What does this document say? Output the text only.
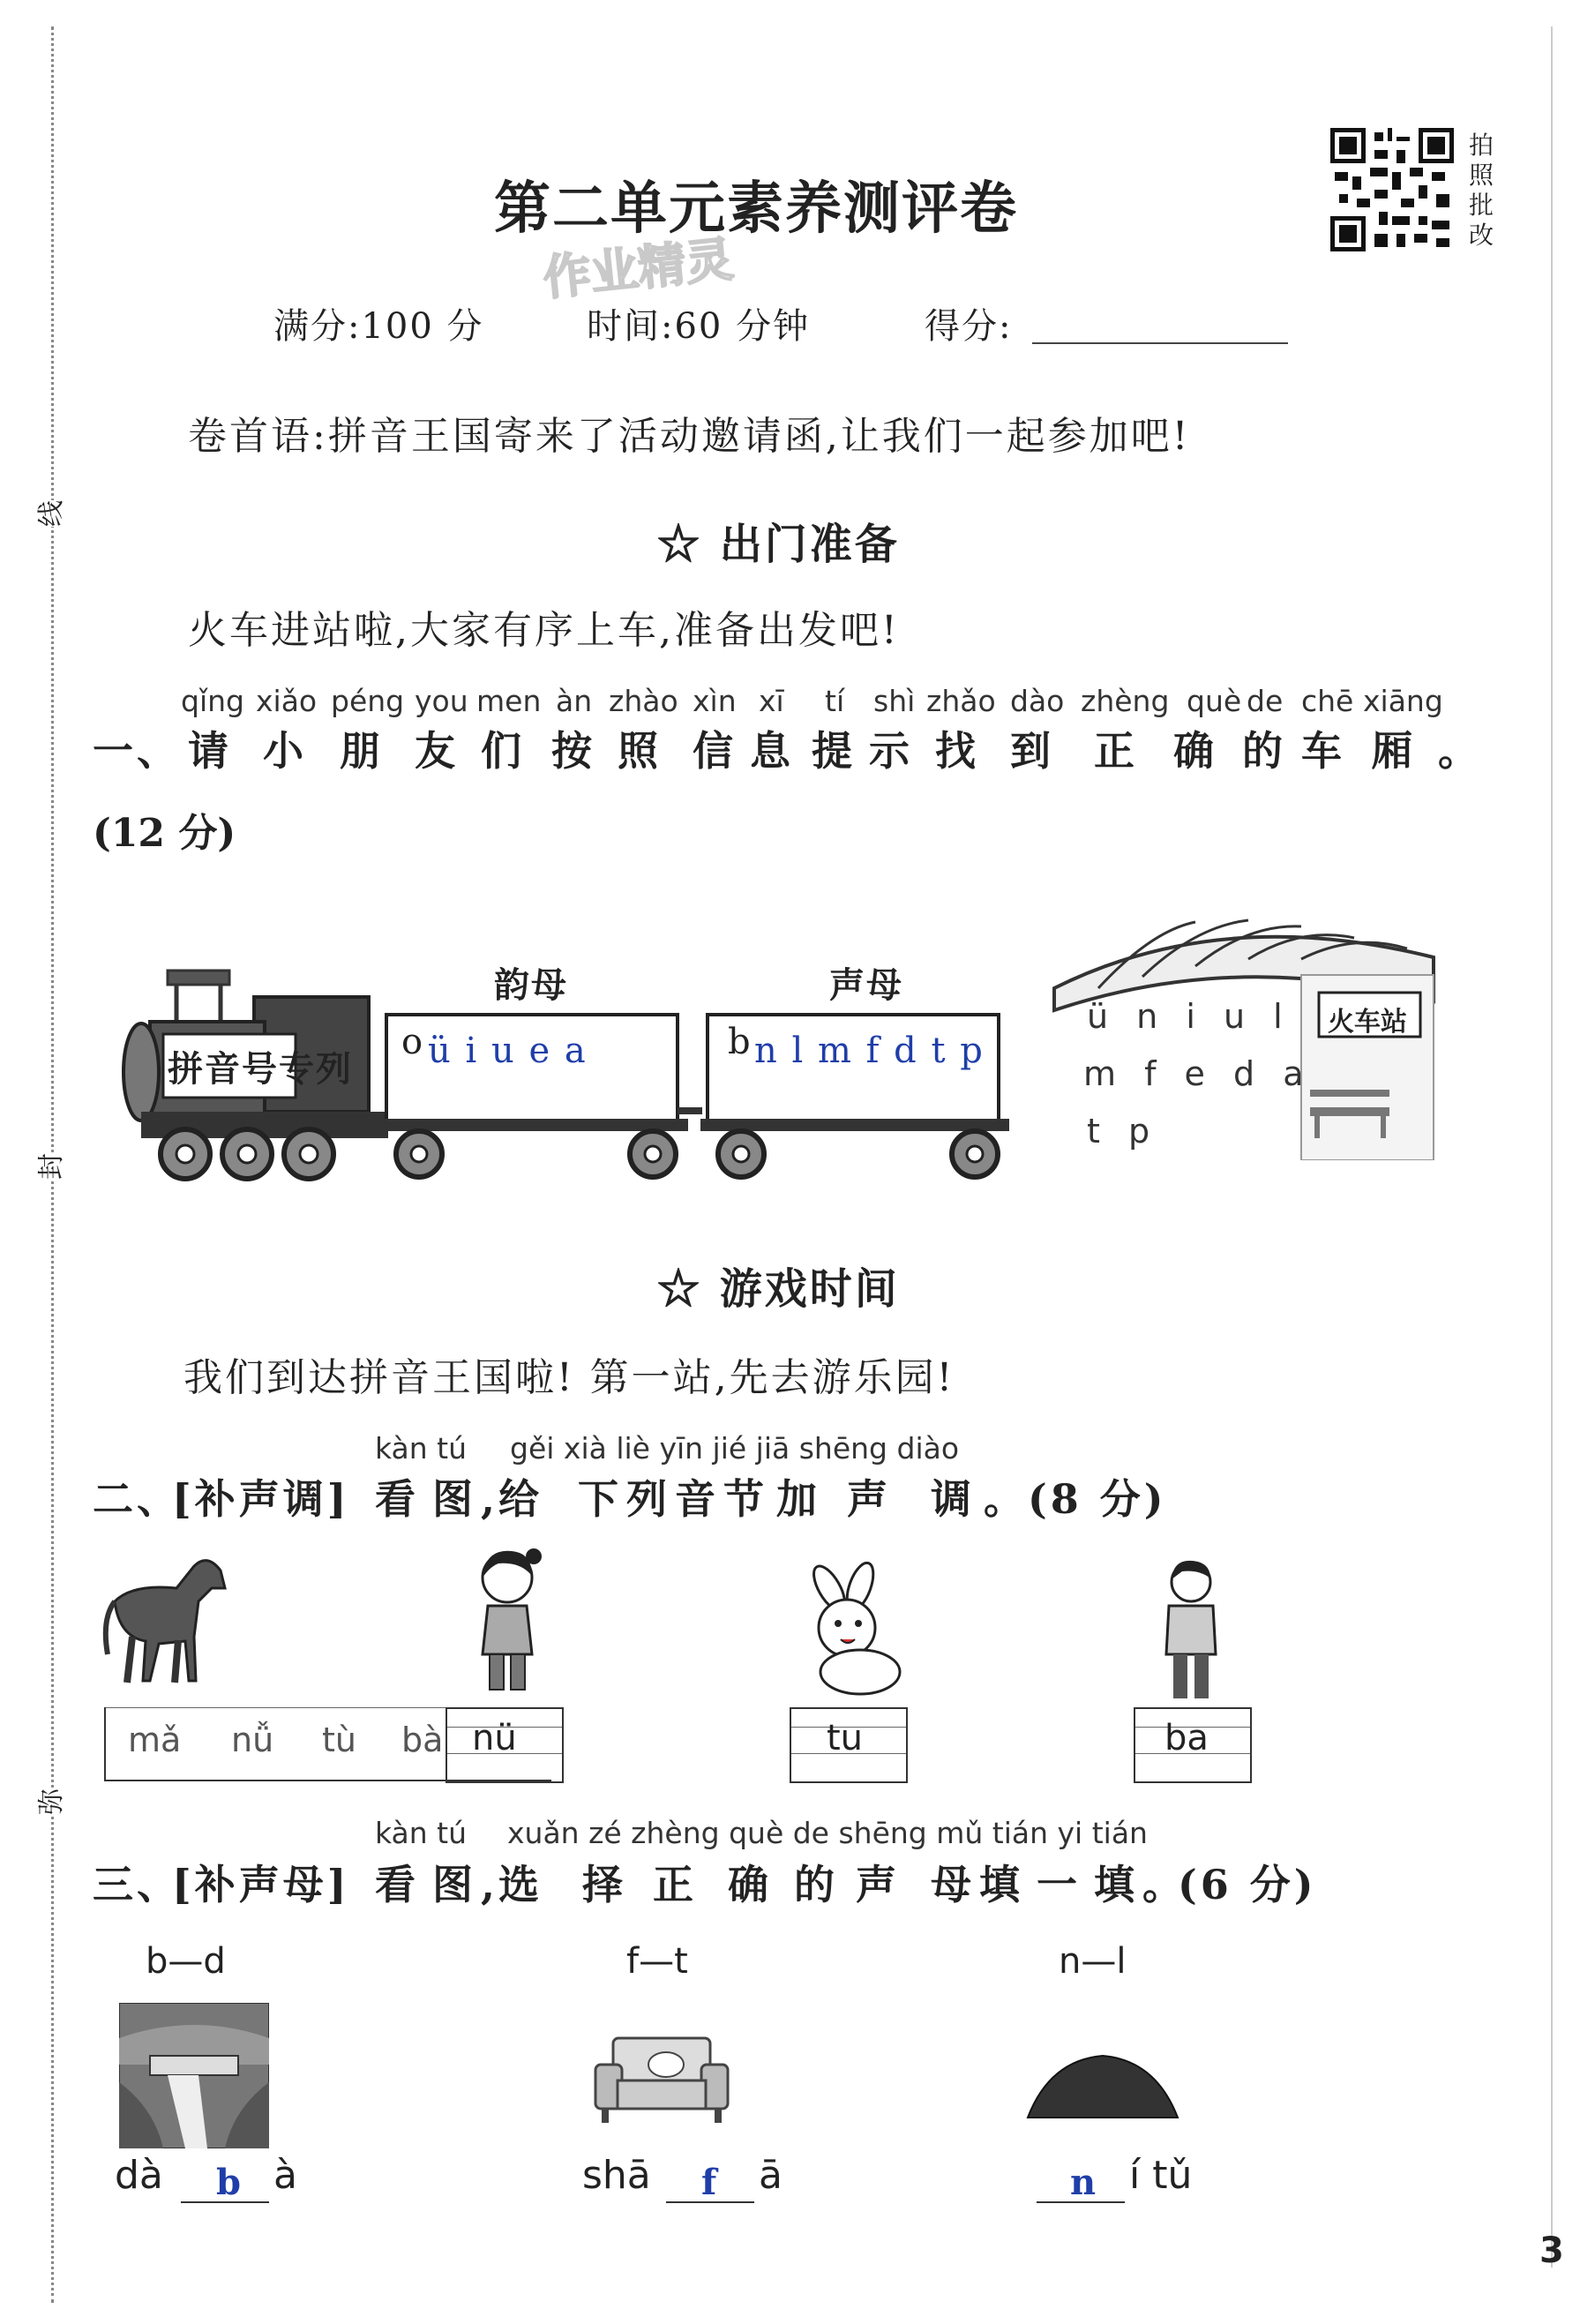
线
封
弥
第二单元素养测评卷
作业精灵
拍
照
批
改
满分:100 分	时间:60 分钟	得分:
卷首语:拼音王国寄来了活动邀请函,让我们一起参加吧!
☆ 出门准备
火车进站啦,大家有序上车,准备出发吧!
qǐng xiǎo péng you men àn zhào xìn xī tí shì zhǎo dào zhèng què de chē xiāng
一、 请 小 朋 友 们 按 照 信 息 提 示 找 到 正 确 的 车 厢 。
(12 分)
拼音号专列
韵母
o ü i u e a
声母
b n l m f d t p
火车站
ü n i u l
m f e d a
t p
☆ 游戏时间
我们到达拼音王国啦! 第一站,先去游乐园!
kàn tú gěi xià liè yīn jié jiā shēng diào
二、
[补声调] 看 图 ,给 下 列 音 节 加 声 调 。 (8 分)
mǎ nǚ tù bà nü	tu	ba
kàn tú xuǎn zé zhèng què de shēng mǔ tián yi tián
三、
[补声母] 看 图 ,选 择 正 确 的 声 母 填 一 填 。
(6 分)
b—d	f—t	n—l
dà b à	shā f ā	n í tǔ
3
